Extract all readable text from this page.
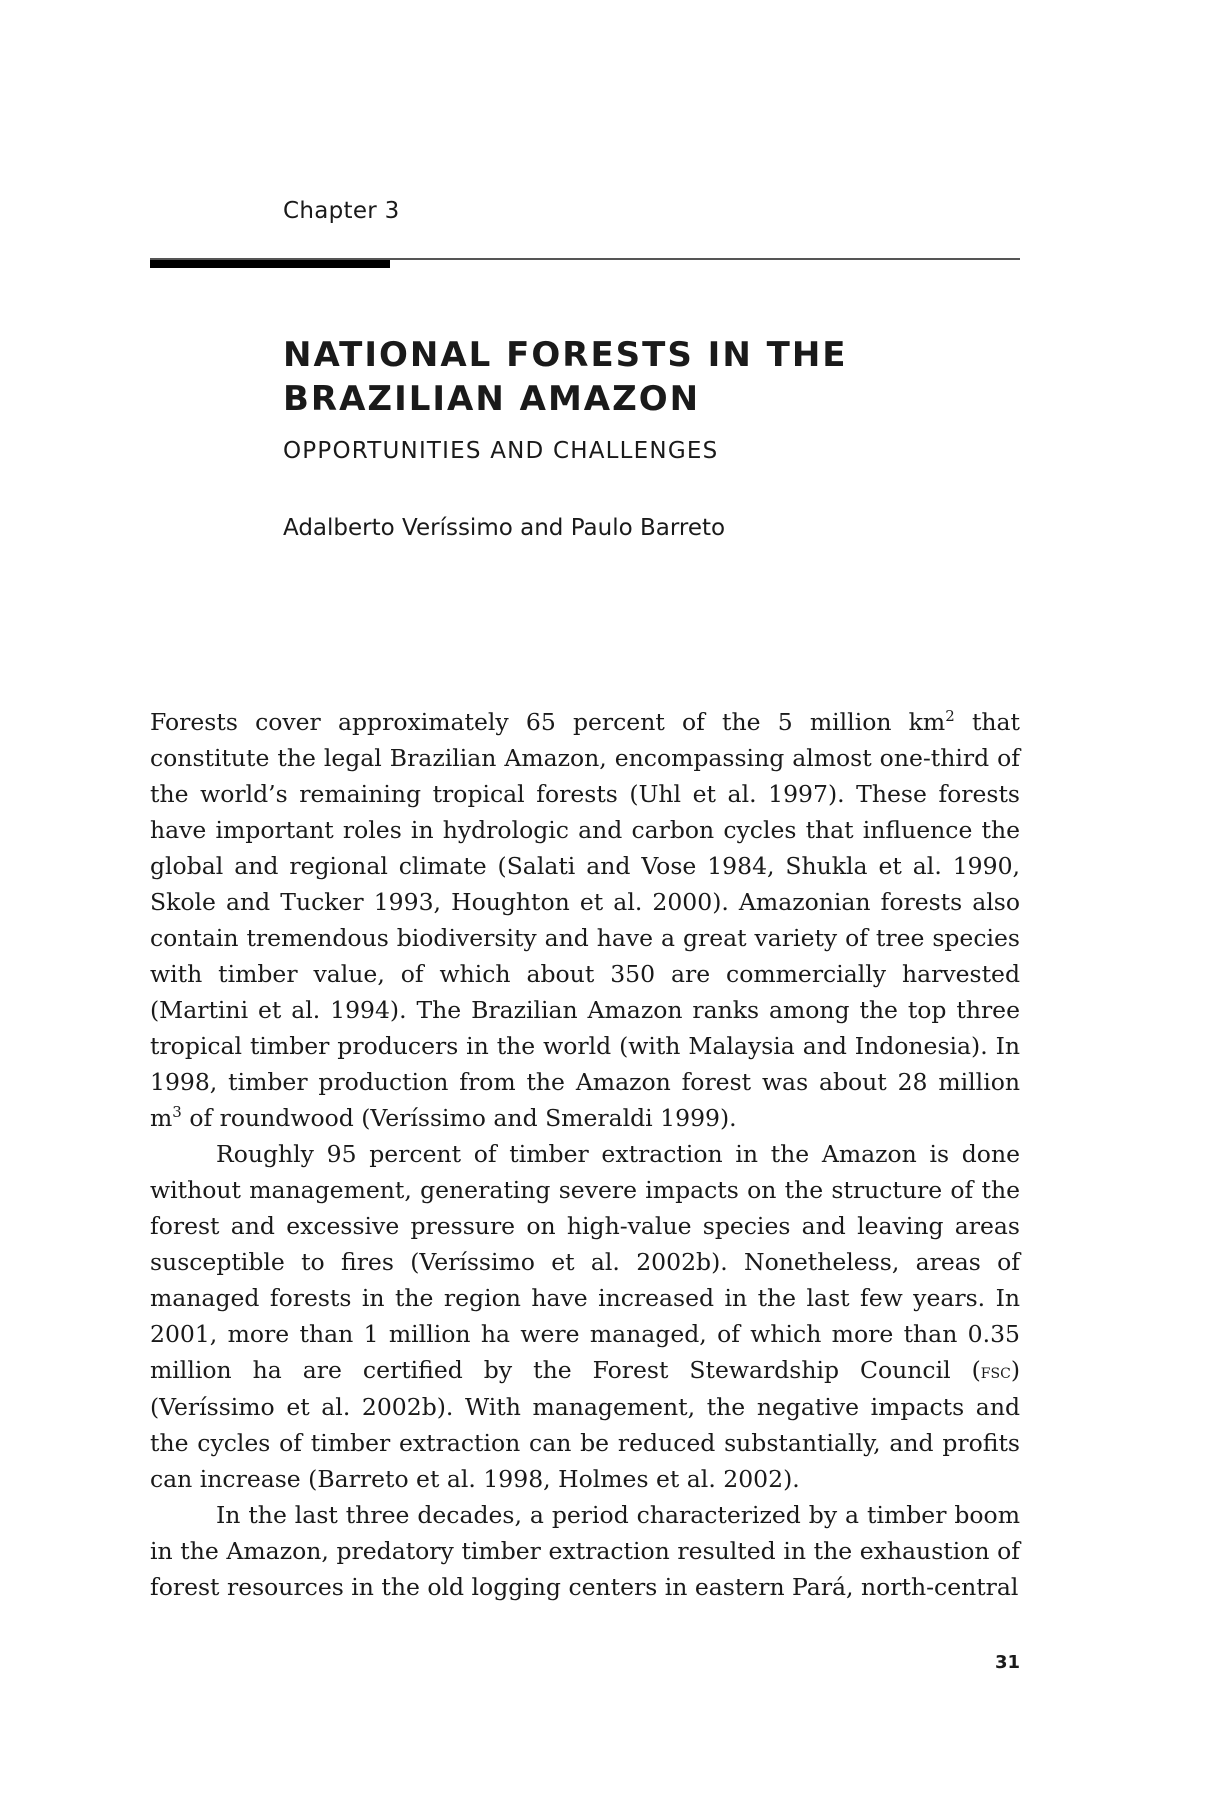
Chapter 3
NATIONAL FORESTS IN THE
BRAZILIAN AMAZON
OPPORTUNITIES AND CHALLENGES
Adalberto Veríssimo and Paulo Barreto

Forests cover approximately 65 percent of the 5 million $km^2$ that constitute the legal Brazilian Amazon, encompassing almost one-third of the world’s remaining tropical forests (Uhl et al. 1997). These forests have important roles in hydrologic and carbon cycles that influence the global and regional climate (Salati and Vose 1984, Shukla et al. 1990, Skole and Tucker 1993, Houghton et al. 2000). Amazonian forests also contain tremendous biodiversity and have a great variety of tree species with timber value, of which about 350 are commercially harvested (Martini et al. 1994). The Brazilian Amazon ranks among the top three tropical timber producers in the world (with Malaysia and Indonesia). In 1998, timber production from the Amazon forest was about 28 million $m^3$ of roundwood (Veríssimo and Smeraldi 1999).

Roughly 95 percent of timber extraction in the Amazon is done without management, generating severe impacts on the structure of the forest and excessive pressure on high-value species and leaving areas susceptible to fires (Veríssimo et al. 2002b). Nonetheless, areas of managed forests in the region have increased in the last few years. In 2001, more than 1 million ha were managed, of which more than 0.35 million ha are certified by the Forest Stewardship Council (fsc) (Veríssimo et al. 2002b). With management, the negative impacts and the cycles of timber extraction can be reduced substantially, and profits can increase (Barreto et al. 1998, Holmes et al. 2002).

In the last three decades, a period characterized by a timber boom in the Amazon, predatory timber extraction resulted in the exhaustion of forest resources in the old logging centers in eastern Pará, north-central

31
